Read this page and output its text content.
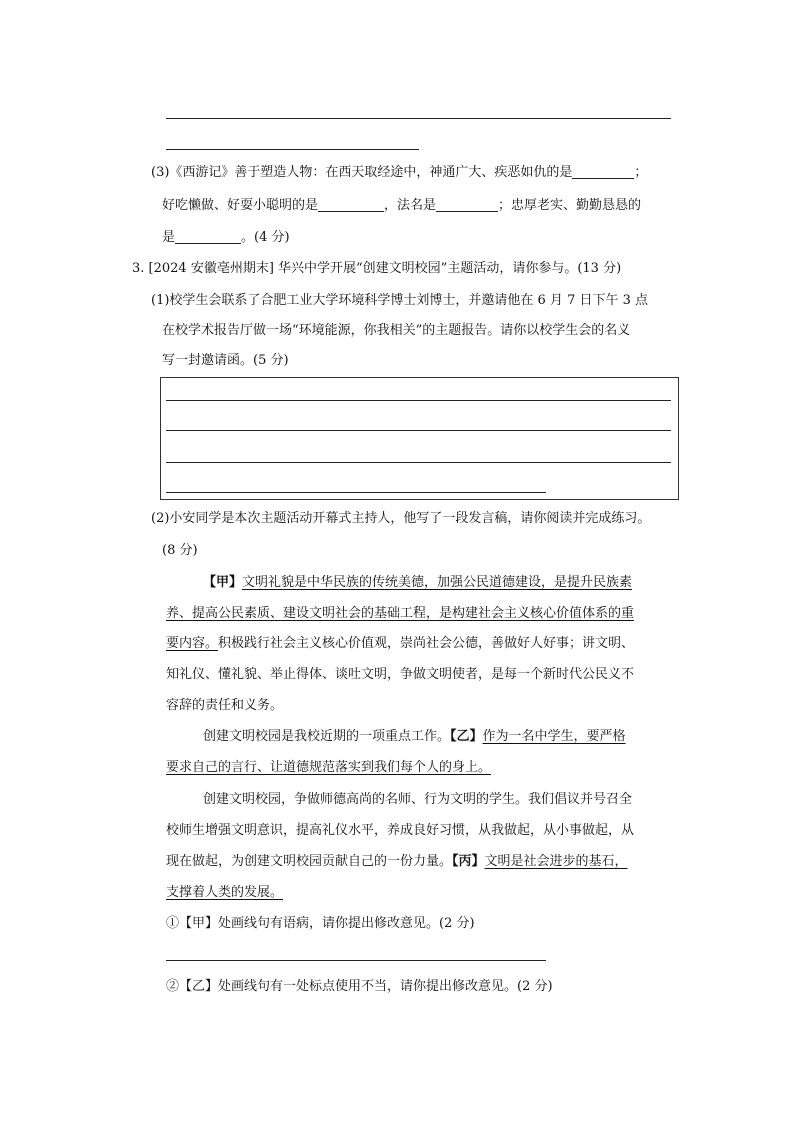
(3)《西游记》善于塑造人物：在西天取经途中，神通广大、疾恶如仇的是	；
好吃懒做、好耍小聪明的是	，法名是	；忠厚老实、勤勤恳恳的
是	。(4 分)
3. [2024 安徽亳州期末] 华兴中学开展“创建文明校园”主题活动，请你参与。(13 分)
(1)校学生会联系了合肥工业大学环境科学博士刘博士，并邀请他在 6 月 7 日下午 3 点
在校学术报告厅做一场“环境能源，你我相关”的主题报告。请你以校学生会的名义
写一封邀请函。(5 分)
(2)小安同学是本次主题活动开幕式主持人，他写了一段发言稿，请你阅读并完成练习。
(8 分)
【甲】文明礼貌是中华民族的传统美德，加强公民道德建设，是提升民族素
养、提高公民素质、建设文明社会的基础工程，是构建社会主义核心价值体系的重
要内容。积极践行社会主义核心价值观，崇尚社会公德，善做好人好事；讲文明、
知礼仪、懂礼貌、举止得体、谈吐文明，争做文明使者，是每一个新时代公民义不
容辞的责任和义务。
创建文明校园是我校近期的一项重点工作。【乙】作为一名中学生，要严格
要求自己的言行、让道德规范落实到我们每个人的身上。
创建文明校园，争做师德高尚的名师、行为文明的学生。我们倡议并号召全
校师生增强文明意识，提高礼仪水平，养成良好习惯，从我做起，从小事做起，从
现在做起，为创建文明校园贡献自己的一份力量。【丙】文明是社会进步的基石，
支撑着人类的发展。
①【甲】处画线句有语病，请你提出修改意见。(2 分)
②【乙】处画线句有一处标点使用不当，请你提出修改意见。(2 分)
